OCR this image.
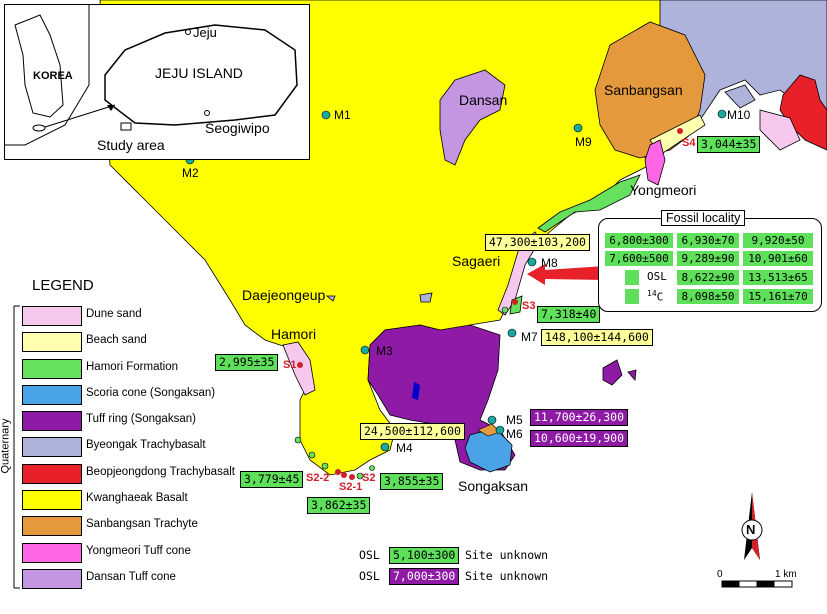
KOREA	JEJU ISLAND
Jeju
Seogiwipo
Study area
Dansan
Sanbangsan
Yongmeori
Sagaeri
Daejeongeup
Hamori
Songaksan
M1
M2
M3
M4
M5
M6
M7
M8
M9
M10
S1
S2-2
S2-1
S2
S3
S4 3,044±35
47,300±103,200
7,318±40
148,100±144,600
2,995±35
24,500±112,600
11,700±26,300
10,600±19,900
3,779±45	3,855±35
3,862±35
Fossil locality
6,800±300	6,930±70	9,920±50
7,600±500	9,289±90	10,901±60
OSL	8,622±90	13,513±65
$^{14}$C	8,098±50	15,161±70
LEGEND
Quaternary
Dune sand
Beach sand
Hamori Formation
Scoria cone (Songaksan)
Tuff ring (Songaksan)
Byeongak Trachybasalt
Beopjeongdong Trachybasalt
Kwanghaeak Basalt
Sanbangsan Trachyte
Yongmeori Tuff cone
Dansan Tuff cone
OSL	5,100±300 Site unknown
OSL	7,000±300 Site unknown	0	1 km
N
